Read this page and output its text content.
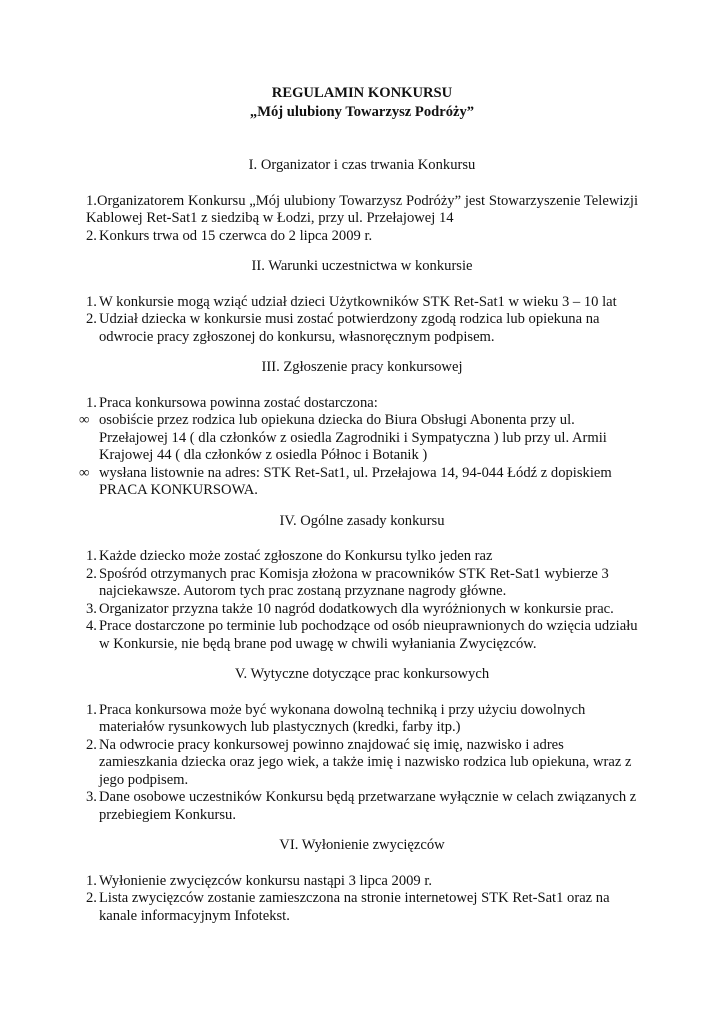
REGULAMIN KONKURSU

„Mój ulubiony Towarzysz Podróży”

I. Organizator i czas trwania Konkursu

1.Organizatorem Konkursu „Mój ulubiony Towarzysz Podróży” jest Stowarzyszenie Telewizji Kablowej Ret-Sat1 z siedzibą w Łodzi, przy ul. Przełajowej 14

2. Konkurs trwa od 15 czerwca do 2 lipca 2009 r.

II. Warunki uczestnictwa w konkursie

1. W konkursie mogą wziąć udział dzieci Użytkowników STK Ret-Sat1 w wieku 3 – 10 lat
2. Udział dziecka w konkursie musi zostać potwierdzony zgodą rodzica lub opiekuna na odwrocie pracy zgłoszonej do konkursu, własnoręcznym podpisem.

III. Zgłoszenie pracy konkursowej

1. Praca konkursowa powinna zostać dostarczona:
∞ osobiście przez rodzica lub opiekuna dziecka do Biura Obsługi Abonenta przy ul. Przełajowej 14 ( dla członków z osiedla Zagrodniki i Sympatyczna ) lub przy ul. Armii Krajowej 44 ( dla członków z osiedla Północ i Botanik )
∞ wysłana listownie na adres: STK Ret-Sat1, ul. Przełajowa 14, 94-044 Łódź z dopiskiem PRACA KONKURSOWA.

IV. Ogólne zasady konkursu

1. Każde dziecko może zostać zgłoszone do Konkursu tylko jeden raz
2. Spośród otrzymanych prac Komisja złożona w pracowników STK Ret-Sat1 wybierze 3 najciekawsze. Autorom tych prac zostaną przyznane nagrody główne.
3. Organizator przyzna także 10 nagród dodatkowych dla wyróżnionych w konkursie prac.
4. Prace dostarczone po terminie lub pochodzące od osób nieuprawnionych do wzięcia udziału w Konkursie, nie będą brane pod uwagę w chwili wyłaniania Zwycięzców.

V. Wytyczne dotyczące prac konkursowych

1. Praca konkursowa może być wykonana dowolną techniką i przy użyciu dowolnych materiałów rysunkowych lub plastycznych (kredki, farby itp.)
2. Na odwrocie pracy konkursowej powinno znajdować się imię, nazwisko i adres zamieszkania dziecka oraz jego wiek, a także imię i nazwisko rodzica lub opiekuna, wraz z jego podpisem.
3. Dane osobowe uczestników Konkursu będą przetwarzane wyłącznie w celach związanych z przebiegiem Konkursu.

VI. Wyłonienie zwycięzców

1. Wyłonienie zwycięzców konkursu nastąpi 3 lipca 2009 r.
2. Lista zwycięzców zostanie zamieszczona na stronie internetowej STK Ret-Sat1 oraz na kanale informacyjnym Infotekst.
